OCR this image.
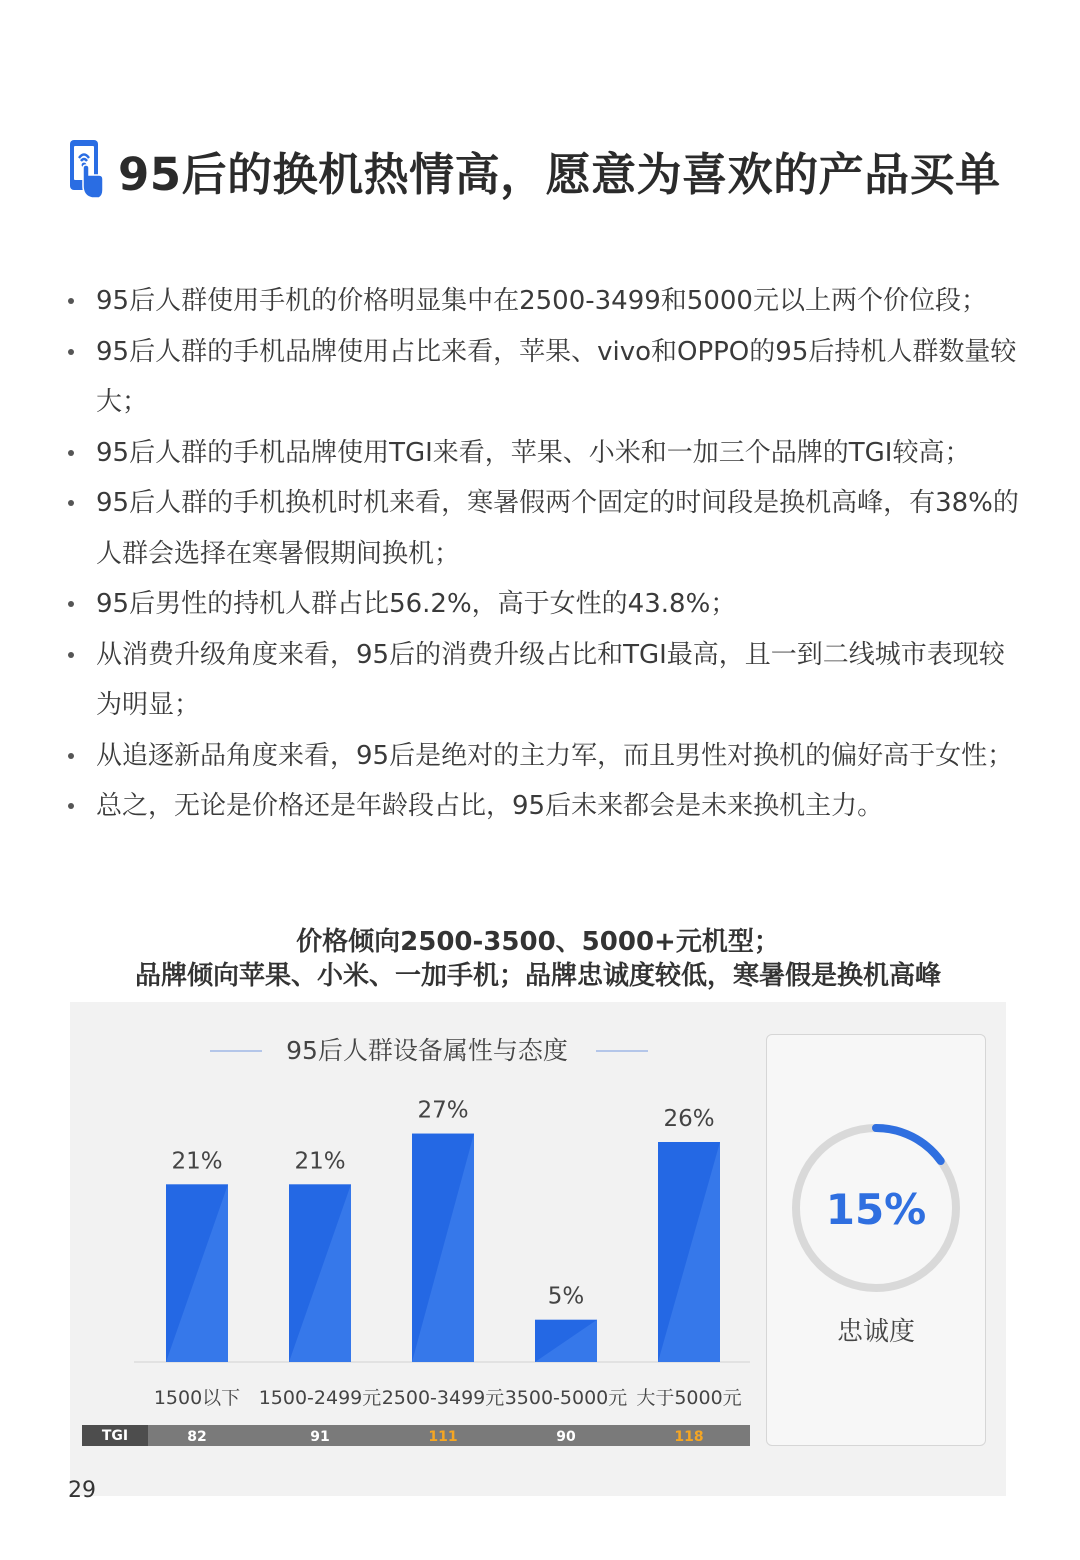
95后的换机热情高，愿意为喜欢的产品买单
95后人群使用手机的价格明显集中在2500-3499和5000元以上两个价位段；
95后人群的手机品牌使用占比来看，苹果、vivo和OPPO的95后持机人群数量较大；
95后人群的手机品牌使用TGI来看，苹果、小米和一加三个品牌的TGI较高；
95后人群的手机换机时机来看，寒暑假两个固定的时间段是换机高峰，有38%的人群会选择在寒暑假期间换机；
95后男性的持机人群占比56.2%，高于女性的43.8%；
从消费升级角度来看，95后的消费升级占比和TGI最高，且一到二线城市表现较为明显；
从追逐新品角度来看，95后是绝对的主力军，而且男性对换机的偏好高于女性；
总之，无论是价格还是年龄段占比，95后未来都会是未来换机主力。
价格倾向2500-3500、5000+元机型；
品牌倾向苹果、小米、一加手机；品牌忠诚度较低，寒暑假是换机高峰
95后人群设备属性与态度
21%
1500以下
21%
1500-2499元
27%
2500-3499元
5%
3500-5000元
26%
大于5000元
TGI	82	91	111	90	118
15%
忠诚度
29
